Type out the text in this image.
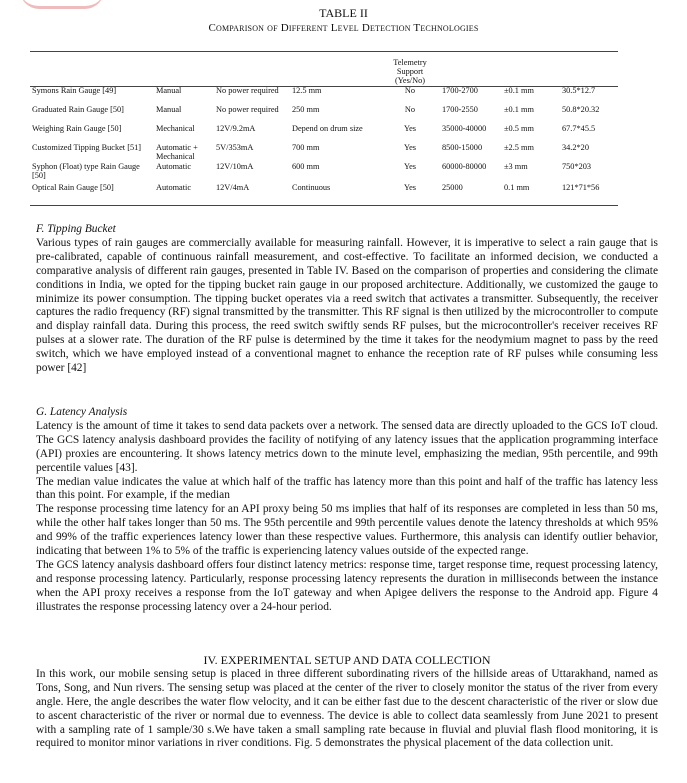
TABLE II
Comparison of Different Level Detection Technologies
				Telemetry Support (Yes/No)			
Symons Rain Gauge [49]	Manual	No power required	12.5 mm	No	1700-2700	±0.1 mm	30.5*12.7
Graduated Rain Gauge [50]	Manual	No power required	250 mm	No	1700-2550	±0.1 mm	50.8*20.32
Weighing Rain Gauge [50]	Mechanical	12V/9.2mA	Depend on drum size	Yes	35000-40000	±0.5 mm	67.7*45.5
Customized Tipping Bucket [51]	Automatic + Mechanical	5V/353mA	700 mm	Yes	8500-15000	±2.5 mm	34.2*20
Syphon (Float) type Rain Gauge [50]	Automatic	12V/10mA	600 mm	Yes	60000-80000	±3 mm	750*203
Optical Rain Gauge [50]	Automatic	12V/4mA	Continuous	Yes	25000	0.1 mm	121*71*56

F. Tipping Bucket

Various types of rain gauges are commercially available for measuring rainfall. However, it is imperative to select a rain gauge that is pre-calibrated, capable of continuous rainfall measurement, and cost-effective. To facilitate an informed decision, we conducted a comparative analysis of different rain gauges, presented in Table IV. Based on the comparison of properties and considering the climate conditions in India, we opted for the tipping bucket rain gauge in our proposed architecture. Additionally, we customized the gauge to minimize its power consumption. The tipping bucket operates via a reed switch that activates a transmitter. Subsequently, the receiver captures the radio frequency (RF) signal transmitted by the transmitter. This RF signal is then utilized by the microcontroller to compute and display rainfall data. During this process, the reed switch swiftly sends RF pulses, but the microcontroller's receiver receives RF pulses at a slower rate. The duration of the RF pulse is determined by the time it takes for the neodymium magnet to pass by the reed switch, which we have employed instead of a conventional magnet to enhance the reception rate of RF pulses while consuming less power [42]

G. Latency Analysis

Latency is the amount of time it takes to send data packets over a network. The sensed data are directly uploaded to the GCS IoT cloud. The GCS latency analysis dashboard provides the facility of notifying of any latency issues that the application programming interface (API) proxies are encountering. It shows latency metrics down to the minute level, emphasizing the median, 95th percentile, and 99th percentile values [43].

The median value indicates the value at which half of the traffic has latency more than this point and half of the traffic has latency less than this point. For example, if the median

The response processing time latency for an API proxy being 50 ms implies that half of its responses are completed in less than 50 ms, while the other half takes longer than 50 ms. The 95th percentile and 99th percentile values denote the latency thresholds at which 95% and 99% of the traffic experiences latency lower than these respective values. Furthermore, this analysis can identify outlier behavior, indicating that between 1% to 5% of the traffic is experiencing latency values outside of the expected range.

The GCS latency analysis dashboard offers four distinct latency metrics: response time, target response time, request processing latency, and response processing latency. Particularly, response processing latency represents the duration in milliseconds between the instance when the API proxy receives a response from the IoT gateway and when Apigee delivers the response to the Android app. Figure 4 illustrates the response processing latency over a 24-hour period.

IV. EXPERIMENTAL SETUP AND DATA COLLECTION

In this work, our mobile sensing setup is placed in three different subordinating rivers of the hillside areas of Uttarakhand, named as Tons, Song, and Nun rivers. The sensing setup was placed at the center of the river to closely monitor the status of the river from every angle. Here, the angle describes the water flow velocity, and it can be either fast due to the descent characteristic of the river or slow due to ascent characteristic of the river or normal due to evenness. The device is able to collect data seamlessly from June 2021 to present with a sampling rate of 1 sample/30 s.We have taken a small sampling rate because in fluvial and pluvial flash flood monitoring, it is required to monitor minor variations in river conditions. Fig. 5 demonstrates the physical placement of the data collection unit.
